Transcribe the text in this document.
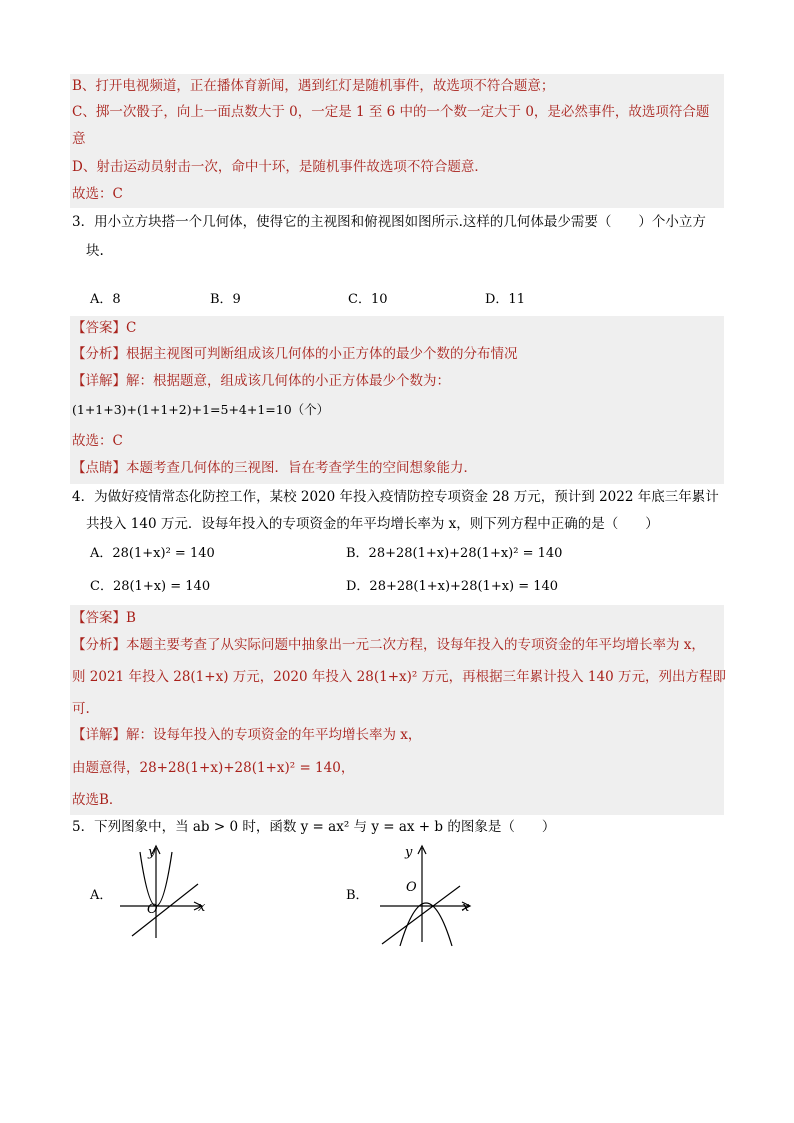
B、打开电视频道，正在播体育新闻，遇到红灯是随机事件，故选项不符合题意；
C、掷一次骰子，向上一面点数大于 0，一定是 1 至 6 中的一个数一定大于 0，是必然事件，故选项符合题
意
D、射击运动员射击一次，命中十环，是随机事件故选项不符合题意．
故选：C
3．用小立方块搭一个几何体，使得它的主视图和俯视图如图所示.这样的几何体最少需要（　　）个小立方
块.
A．8	B．9	C．10	D．11
【答案】C
【分析】根据主视图可判断组成该几何体的小正方体的最少个数的分布情况
【详解】解：根据题意，组成该几何体的小正方体最少个数为：
(1+1+3)+(1+1+2)+1=5+4+1=10（个）
故选：C
【点睛】本题考查几何体的三视图．旨在考查学生的空间想象能力．
4．为做好疫情常态化防控工作，某校 2020 年投入疫情防控专项资金 28 万元，预计到 2022 年底三年累计
共投入 140 万元．设每年投入的专项资金的年平均增长率为 x，则下列方程中正确的是（　　）
A．28(1+x)² = 140	B．28+28(1+x)+28(1+x)² = 140
C．28(1+x) = 140	D．28+28(1+x)+28(1+x) = 140
【答案】B
【分析】本题主要考查了从实际问题中抽象出一元二次方程，设每年投入的专项资金的年平均增长率为 x，
则 2021 年投入 28(1+x) 万元，2020 年投入 28(1+x)² 万元，再根据三年累计投入 140 万元，列出方程即
可.
【详解】解：设每年投入的专项资金的年平均增长率为 x，
由题意得，28+28(1+x)+28(1+x)² = 140，
故选B．
5．下列图象中，当 ab > 0 时，函数 y = ax² 与 y = ax + b 的图象是（　　）
A．
y
x
O
B．
y
x
O
